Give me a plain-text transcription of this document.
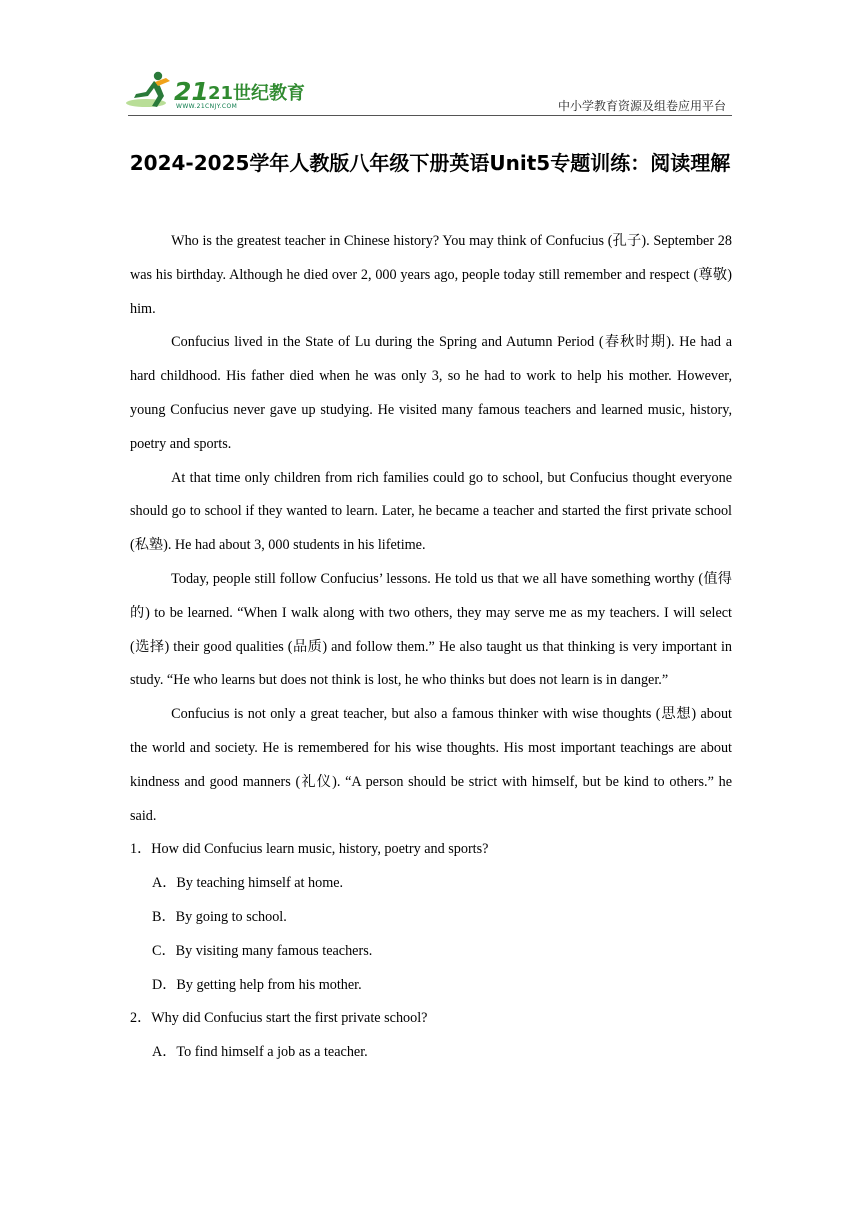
21 21世纪教育
WWW.21CNJY.COM	中小学教育资源及组卷应用平台
2024-2025学年人教版八年级下册英语Unit5专题训练：阅读理解

Who is the greatest teacher in Chinese history? You may think of Confucius (孔子). September 28 was his birthday. Although he died over 2, 000 years ago, people today still remember and respect (尊敬) him.

Confucius lived in the State of Lu during the Spring and Autumn Period (春秋时期). He had a hard childhood. His father died when he was only 3, so he had to work to help his mother. However, young Confucius never gave up studying. He visited many famous teachers and learned music, history, poetry and sports.

At that time only children from rich families could go to school, but Confucius thought everyone should go to school if they wanted to learn. Later, he became a teacher and started the first private school (私塾). He had about 3, 000 students in his lifetime.

Today, people still follow Confucius’ lessons. He told us that we all have something worthy (值得的) to be learned. “When I walk along with two others, they may serve me as my teachers. I will select (选择) their good qualities (品质) and follow them.” He also taught us that thinking is very important in study. “He who learns but does not think is lost, he who thinks but does not learn is in danger.”

Confucius is not only a great teacher, but also a famous thinker with wise thoughts (思想) about the world and society. He is remembered for his wise thoughts. His most important teachings are about kindness and good manners (礼仪). “A person should be strict with himself, but be kind to others.” he said.

1．How did Confucius learn music, history, poetry and sports?

A．By teaching himself at home.

B．By going to school.

C．By visiting many famous teachers.

D．By getting help from his mother.

2．Why did Confucius start the first private school?

A．To find himself a job as a teacher.
